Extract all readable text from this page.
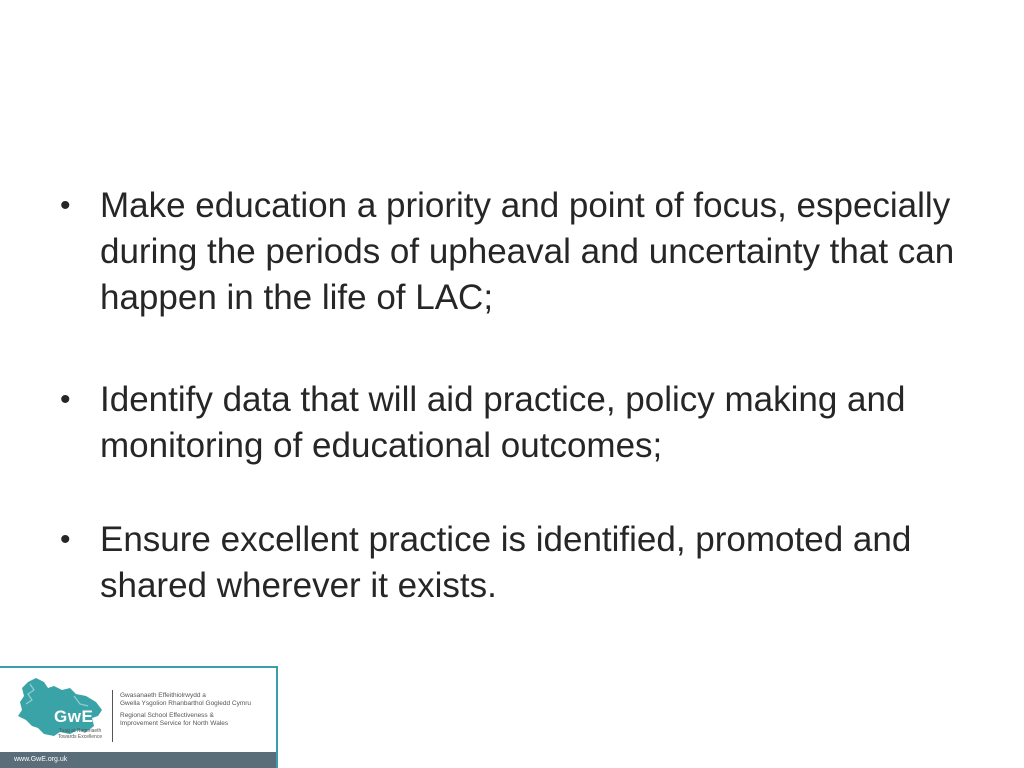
• Make education a priority and point of focus, especially during the periods of upheaval and uncertainty that can happen in the life of LAC;
• Identify data that will aid practice, policy making and monitoring of educational outcomes;
• Ensure excellent practice is identified, promoted and shared wherever it exists.
GwE
Tuag at Ragoriaeth Towards Excellence
Gwasanaeth Effeithiolrwydd a
Gwella Ysgolion Rhanbarthol Gogledd Cymru
Regional School Effectiveness &
Improvement Service for North Wales
www.GwE.org.uk
